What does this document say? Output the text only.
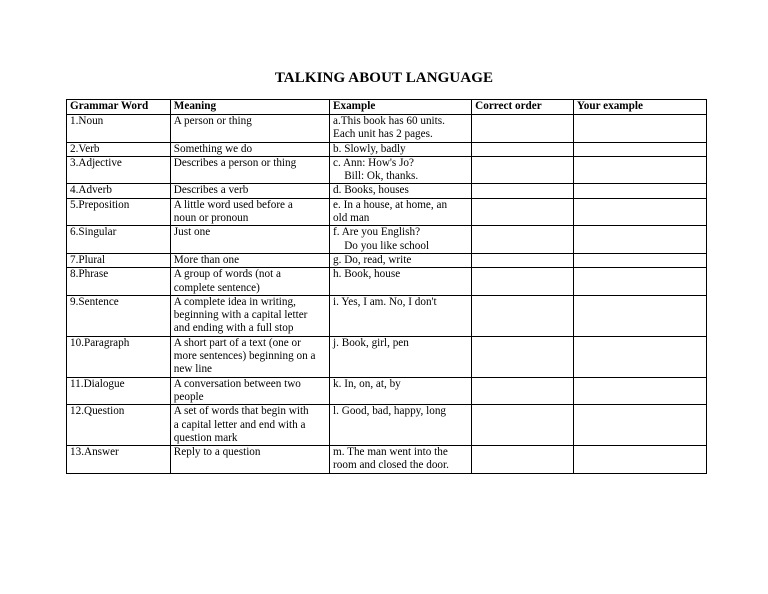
TALKING ABOUT LANGUAGE
Grammar Word	Meaning	Example	Correct order	Your example
1.Noun	A person or thing	a.This book has 60 units.
Each unit has 2 pages.		

2.Verb	Something we do	b. Slowly, badly		

3.Adjective	Describes a person or thing	c. Ann: How's Jo?
Bill: Ok, thanks.		

4.Adverb	Describes a verb	d. Books, houses		

5.Preposition	A little word used before a
noun or pronoun	e. In a house, at home, an
old man		

6.Singular	Just one	f. Are you English?
Do you like school		

7.Plural	More than one	g. Do, read, write		

8.Phrase	A group of words (not a
complete sentence)	h. Book, house		

9.Sentence	A complete idea in writing,
beginning with a capital letter
and ending with a full stop	i. Yes, I am. No, I don't		

10.Paragraph	A short part of a text (one or
more sentences) beginning on a
new line	j. Book, girl, pen		

11.Dialogue	A conversation between two
people	k. In, on, at, by		

12.Question	A set of words that begin with
a capital letter and end with a
question mark	l. Good, bad, happy, long		

13.Answer	Reply to a question	m. The man went into the
room and closed the door.		
